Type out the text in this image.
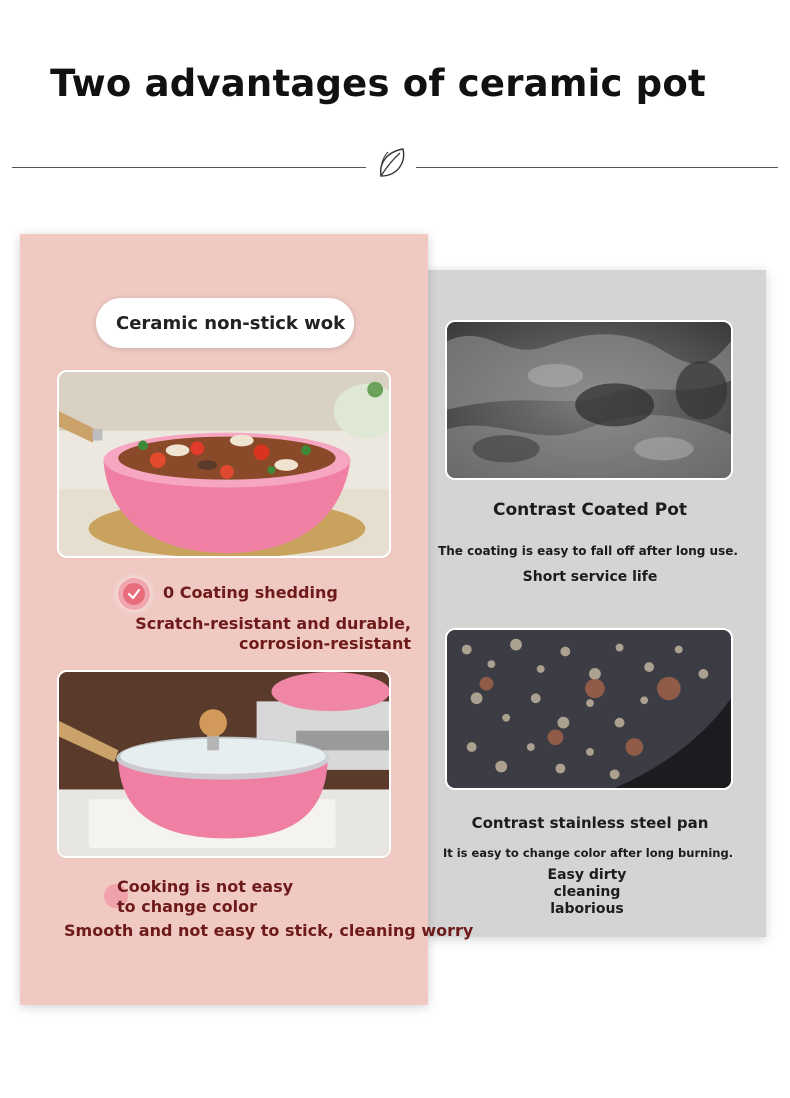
Two advantages of ceramic pot
Contrast Coated Pot
The coating is easy to fall off after long use.
Short service life
Contrast stainless steel pan
It is easy to change color after long burning.
Easy dirty cleaning laborious
Ceramic non-stick wok
0 Coating shedding
Scratch-resistant and durable, corrosion-resistant
Cooking is not easy to change color
Smooth and not easy to stick, cleaning worry
